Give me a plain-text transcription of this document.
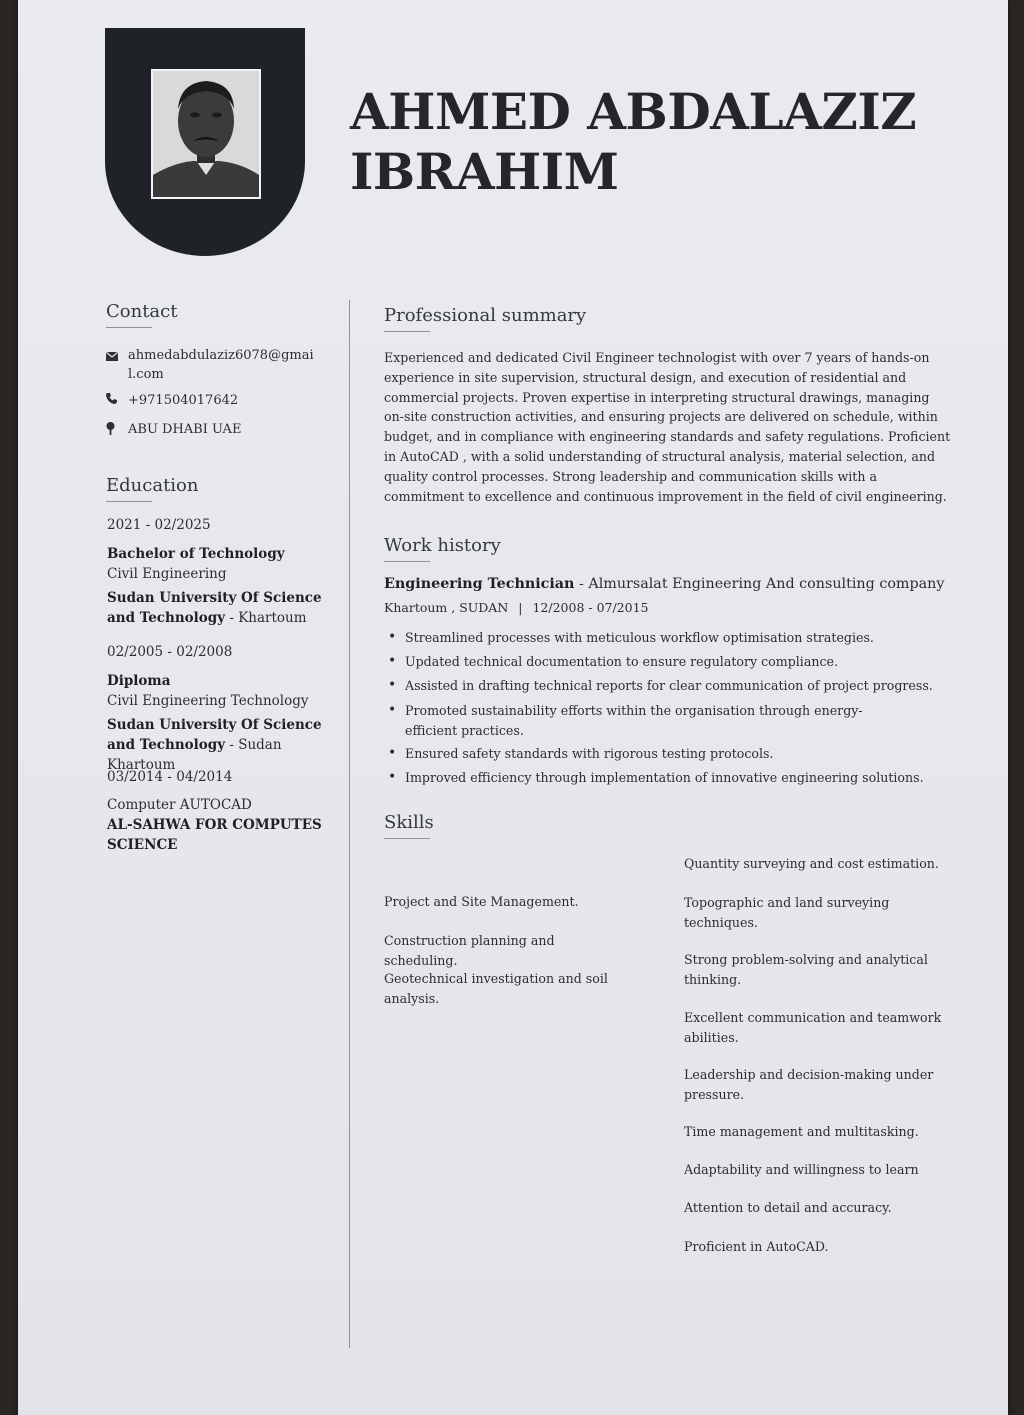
AHMED ABDALAZIZ
IBRAHIM
Contact
ahmedabdulaziz6078@gmai
l.com
+971504017642
ABU DHABI UAE
Education
2021 - 02/2025
Bachelor of Technology
Civil Engineering
Sudan University Of Science and Technology - Khartoum
02/2005 - 02/2008
Diploma
Civil Engineering Technology
Sudan University Of Science and Technology - Sudan Khartoum
03/2014 - 04/2014
Computer AUTOCAD
AL-SAHWA FOR COMPUTES SCIENCE
Professional summary
Experienced and dedicated Civil Engineer technologist with over 7 years of hands-on experience in site supervision, structural design, and execution of residential and commercial projects. Proven expertise in interpreting structural drawings, managing on-site construction activities, and ensuring projects are delivered on schedule, within budget, and in compliance with engineering standards and safety regulations. Proficient in AutoCAD , with a solid understanding of structural analysis, material selection, and quality control processes. Strong leadership and communication skills with a commitment to excellence and continuous improvement in the field of civil engineering.
Work history
Engineering Technician - Almursalat Engineering And consulting company
Khartoum , SUDAN | 12/2008 - 07/2015
• Streamlined processes with meticulous workflow optimisation strategies.
• Updated technical documentation to ensure regulatory compliance.
• Assisted in drafting technical reports for clear communication of project progress.
• Promoted sustainability efforts within the organisation through energy-efficient practices.
• Ensured safety standards with rigorous testing protocols.
• Improved efficiency through implementation of innovative engineering solutions.
Skills
Project and Site Management.
Construction planning and scheduling.
Geotechnical investigation and soil analysis.
Quantity surveying and cost estimation.
Topographic and land surveying techniques.
Strong problem-solving and analytical thinking.
Excellent communication and teamwork abilities.
Leadership and decision-making under pressure.
Time management and multitasking.
Adaptability and willingness to learn
Attention to detail and accuracy.
Proficient in AutoCAD.
